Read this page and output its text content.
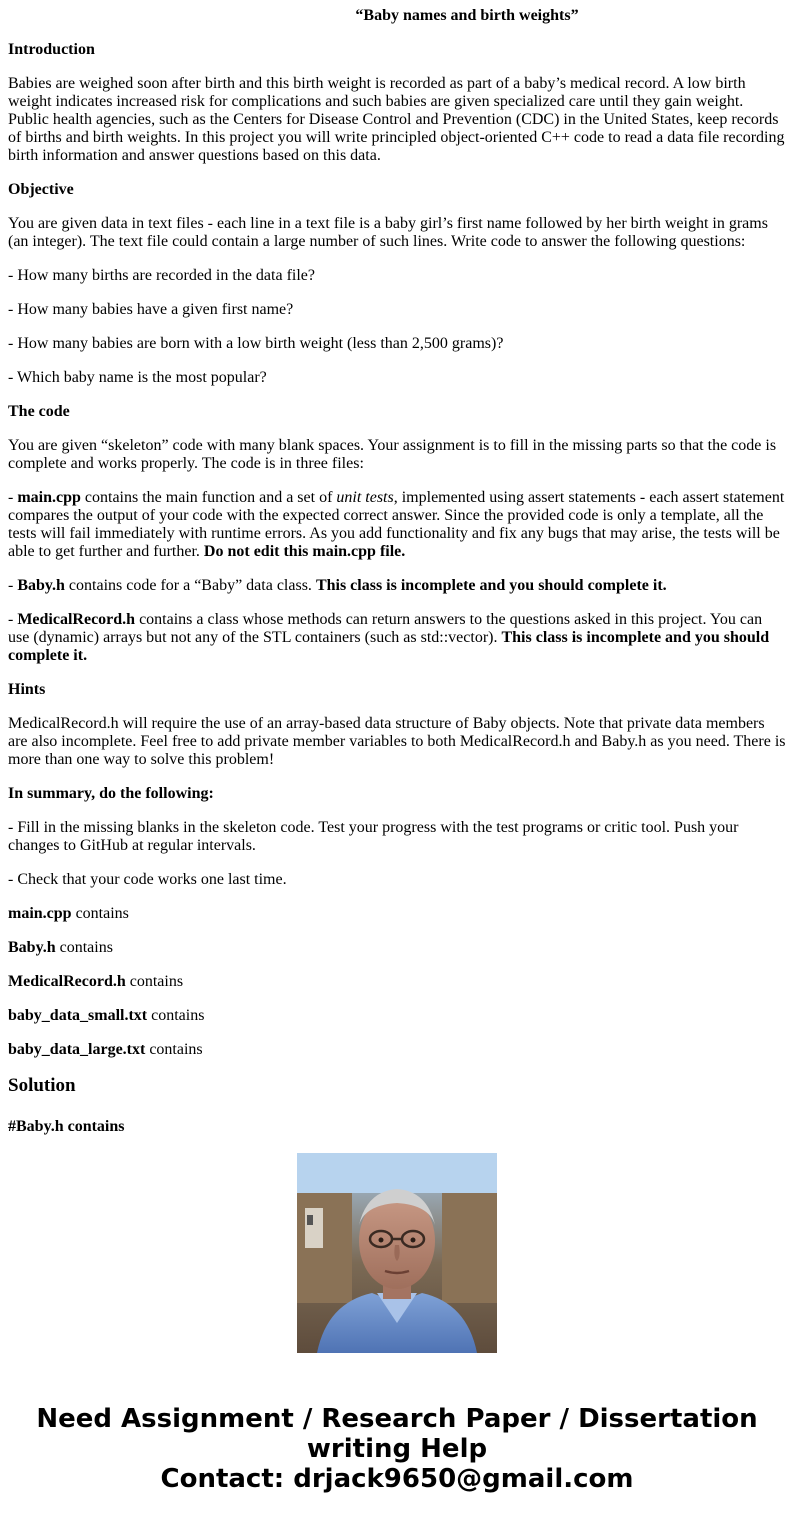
“Baby names and birth weights”

Introduction

Babies are weighed soon after birth and this birth weight is recorded as part of a baby’s medical record. A low birth weight indicates increased risk for complications and such babies are given specialized care until they gain weight. Public health agencies, such as the Centers for Disease Control and Prevention (CDC) in the United States, keep records of births and birth weights. In this project you will write principled object-oriented C++ code to read a data file recording birth information and answer questions based on this data.

Objective

You are given data in text files - each line in a text file is a baby girl’s first name followed by her birth weight in grams (an integer). The text file could contain a large number of such lines. Write code to answer the following questions:

- How many births are recorded in the data file?

- How many babies have a given first name?

- How many babies are born with a low birth weight (less than 2,500 grams)?

- Which baby name is the most popular?

The code

You are given “skeleton” code with many blank spaces. Your assignment is to fill in the missing parts so that the code is complete and works properly. The code is in three files:

- main.cpp contains the main function and a set of unit tests, implemented using assert statements - each assert statement compares the output of your code with the expected correct answer. Since the provided code is only a template, all the tests will fail immediately with runtime errors. As you add functionality and fix any bugs that may arise, the tests will be able to get further and further. Do not edit this main.cpp file.

- Baby.h contains code for a “Baby” data class. This class is incomplete and you should complete it.

- MedicalRecord.h contains a class whose methods can return answers to the questions asked in this project. You can use (dynamic) arrays but not any of the STL containers (such as std::vector). This class is incomplete and you should complete it.

Hints

MedicalRecord.h will require the use of an array-based data structure of Baby objects. Note that private data members are also incomplete. Feel free to add private member variables to both MedicalRecord.h and Baby.h as you need. There is more than one way to solve this problem!

In summary, do the following:

- Fill in the missing blanks in the skeleton code. Test your progress with the test programs or critic tool. Push your changes to GitHub at regular intervals.

- Check that your code works one last time.

main.cpp contains

Baby.h contains

MedicalRecord.h contains

baby_data_small.txt contains

baby_data_large.txt contains

Solution
#Baby.h contains
Need Assignment / Research Paper / Dissertation
writing Help
Contact: drjack9650@gmail.com
